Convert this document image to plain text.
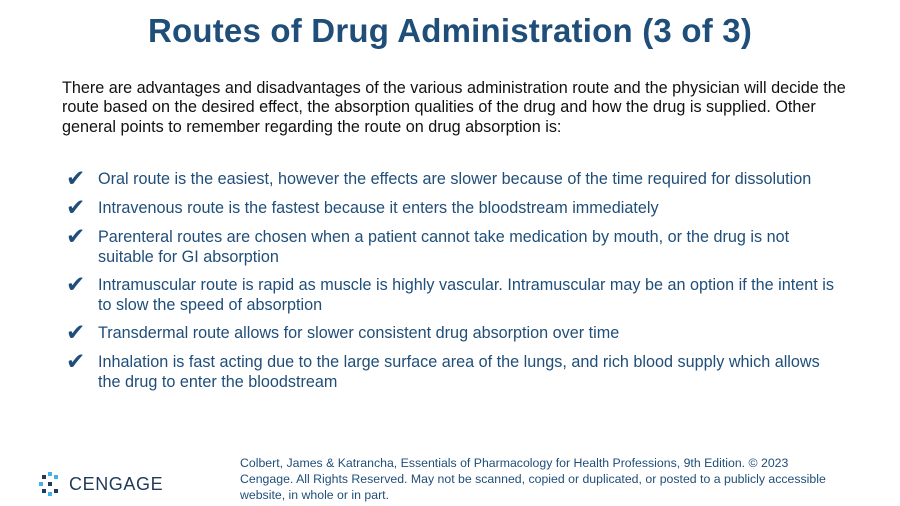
Routes of Drug Administration (3 of 3)

There are advantages and disadvantages of the various administration route and the physician will decide the route based on the desired effect, the absorption qualities of the drug and how the drug is supplied. Other general points to remember regarding the route on drug absorption is:

✔ Oral route is the easiest, however the effects are slower because of the time required for dissolution
✔ Intravenous route is the fastest because it enters the bloodstream immediately
✔ Parenteral routes are chosen when a patient cannot take medication by mouth, or the drug is not suitable for GI absorption
✔ Intramuscular route is rapid as muscle is highly vascular. Intramuscular may be an option if the intent is to slow the speed of absorption
✔ Transdermal route allows for slower consistent drug absorption over time
✔ Inhalation is fast acting due to the large surface area of the lungs, and rich blood supply which allows the drug to enter the bloodstream
CENGAGE

Colbert, James & Katrancha, Essentials of Pharmacology for Health Professions, 9th Edition. © 2023 Cengage. All Rights Reserved. May not be scanned, copied or duplicated, or posted to a publicly accessible website, in whole or in part.
